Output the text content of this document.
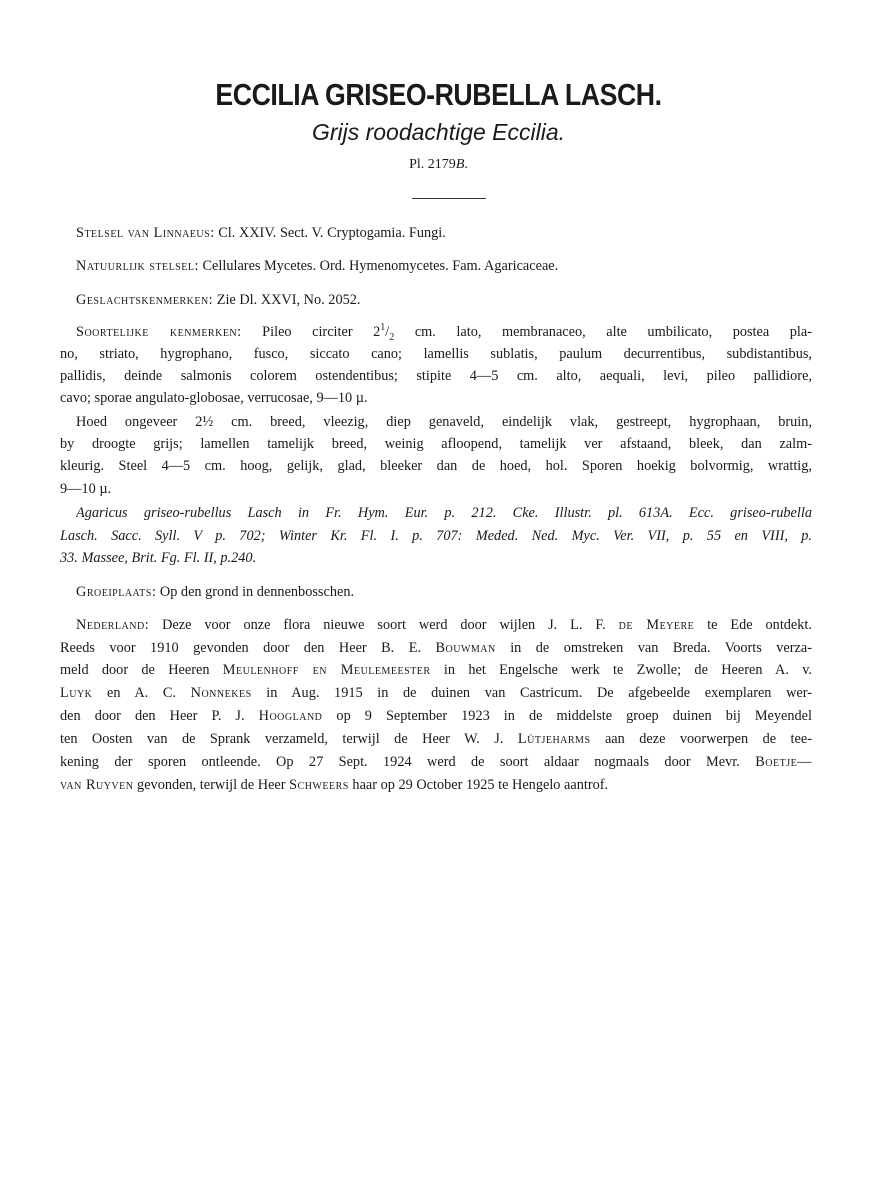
ECCILIA GRISEO-RUBELLA LASCH.
Grijs roodachtige Eccilia.
Pl. 2179B.
Stelsel van Linnaeus: Cl. XXIV. Sect. V. Cryptogamia. Fungi.
Natuurlijk stelsel: Cellulares Mycetes. Ord. Hymenomycetes. Fam. Agaricaceae.
Geslachtskenmerken: Zie Dl. XXVI, No. 2052.
Soortelijke kenmerken: Pileo circiter $2^1/_2$ cm. lato, membranaceo, alte umbilicato, postea pla-
no, striato, hygrophano, fusco, siccato cano; lamellis sublatis, paulum decurrentibus, subdistantibus,
pallidis, deinde salmonis colorem ostendentibus; stipite 4—5 cm. alto, aequali, levi, pileo pallidiore,
cavo; sporae angulato-globosae, verrucosae, 9—10 µ.
Hoed ongeveer 2½ cm. breed, vleezig, diep genaveld, eindelijk vlak, gestreept, hygrophaan, bruin,
by droogte grijs; lamellen tamelijk breed, weinig afloopend, tamelijk ver afstaand, bleek, dan zalm-
kleurig. Steel 4—5 cm. hoog, gelijk, glad, bleeker dan de hoed, hol. Sporen hoekig bolvormig, wrattig,
9—10 µ.
Agaricus griseo-rubellus Lasch in Fr. Hym. Eur. p. 212. Cke. Illustr. pl. 613A. Ecc. griseo-rubella
Lasch. Sacc. Syll. V p. 702; Winter Kr. Fl. I. p. 707: Meded. Ned. Myc. Ver. VII, p. 55 en VIII, p.
33. Massee, Brit. Fg. Fl. II, p.240.
Groeiplaats: Op den grond in dennenbosschen.
Nederland: Deze voor onze flora nieuwe soort werd door wijlen J. L. F. de Meyere te Ede ontdekt.
Reeds voor 1910 gevonden door den Heer B. E. Bouwman in de omstreken van Breda. Voorts verza-
meld door de Heeren Meulenhoff en Meulemeester in het Engelsche werk te Zwolle; de Heeren A. v.
Luyk en A. C. Nonnekes in Aug. 1915 in de duinen van Castricum. De afgebeelde exemplaren wer-
den door den Heer P. J. Hoogland op 9 September 1923 in de middelste groep duinen bij Meyendel
ten Oosten van de Sprank verzameld, terwijl de Heer W. J. Lütjeharms aan deze voorwerpen de tee-
kening der sporen ontleende. Op 27 Sept. 1924 werd de soort aldaar nogmaals door Mevr. Boetje—
van Ruyven gevonden, terwijl de Heer Schweers haar op 29 October 1925 te Hengelo aantrof.
